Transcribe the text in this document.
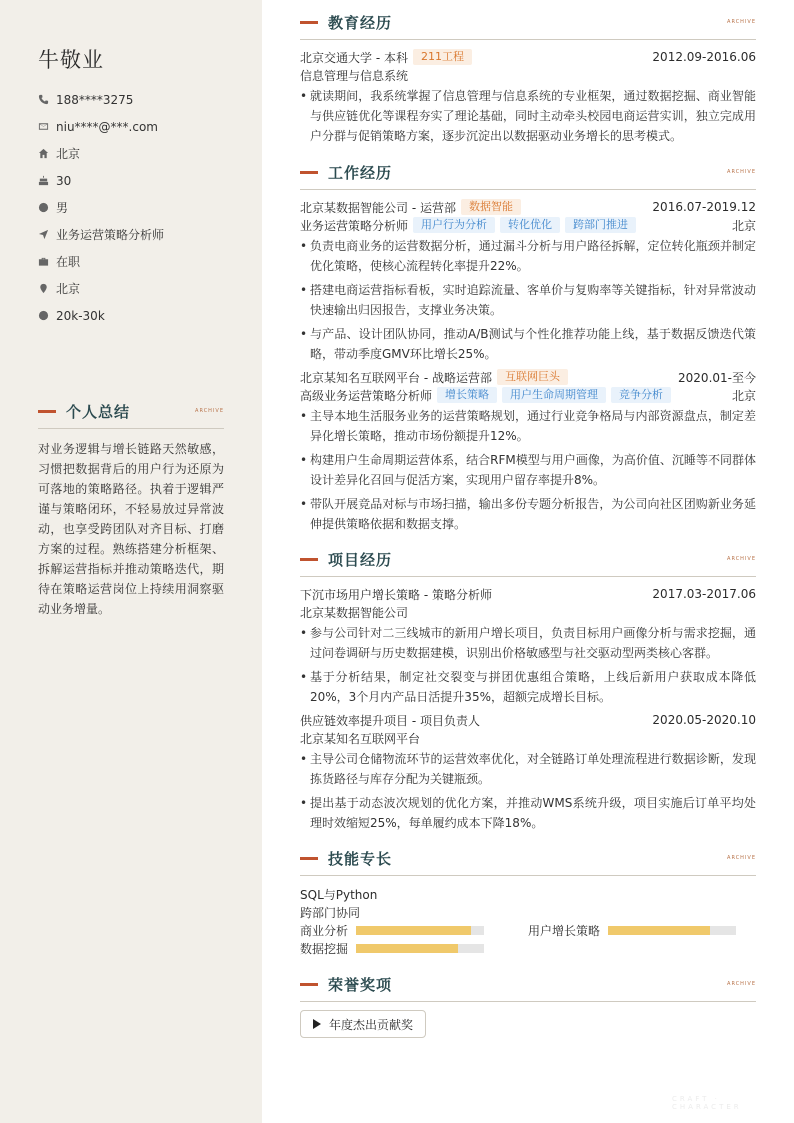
牛敬业
188****3275
niu****@***.com
北京
30
男
业务运营策略分析师
在职
北京
20k-30k
个人总结	ARCHIVE
对业务逻辑与增长链路天然敏感，习惯把数据背后的用户行为还原为可落地的策略路径。执着于逻辑严谨与策略闭环，不轻易放过异常波动，也享受跨团队对齐目标、打磨方案的过程。熟练搭建分析框架、拆解运营指标并推动策略迭代，期待在策略运营岗位上持续用洞察驱动业务增量。
教育经历	ARCHIVE
北京交通大学 - 本科	211工程	2012.09-2016.06
信息管理与信息系统
• 就读期间，我系统掌握了信息管理与信息系统的专业框架，通过数据挖掘、商业智能与供应链优化等课程夯实了理论基础，同时主动牵头校园电商运营实训，独立完成用户分群与促销策略方案，逐步沉淀出以数据驱动业务增长的思考模式。
工作经历	ARCHIVE
北京某数据智能公司 - 运营部	数据智能	2016.07-2019.12
业务运营策略分析师	用户行为分析	转化优化	跨部门推进	北京
• 负责电商业务的运营数据分析，通过漏斗分析与用户路径拆解，定位转化瓶颈并制定优化策略，使核心流程转化率提升22%。
• 搭建电商运营指标看板，实时追踪流量、客单价与复购率等关键指标，针对异常波动快速输出归因报告，支撑业务决策。
• 与产品、设计团队协同，推动A/B测试与个性化推荐功能上线，基于数据反馈迭代策略，带动季度GMV环比增长25%。
北京某知名互联网平台 - 战略运营部	互联网巨头	2020.01-至今
高级业务运营策略分析师	增长策略	用户生命周期管理	竞争分析	北京
• 主导本地生活服务业务的运营策略规划，通过行业竞争格局与内部资源盘点，制定差异化增长策略，推动市场份额提升12%。
• 构建用户生命周期运营体系，结合RFM模型与用户画像，为高价值、沉睡等不同群体设计差异化召回与促活方案，实现用户留存率提升8%。
• 带队开展竞品对标与市场扫描，输出多份专题分析报告，为公司向社区团购新业务延伸提供策略依据和数据支撑。
项目经历	ARCHIVE
下沉市场用户增长策略 - 策略分析师	2017.03-2017.06
北京某数据智能公司
• 参与公司针对二三线城市的新用户增长项目，负责目标用户画像分析与需求挖掘，通过问卷调研与历史数据建模，识别出价格敏感型与社交驱动型两类核心客群。
• 基于分析结果，制定社交裂变与拼团优惠组合策略，上线后新用户获取成本降低20%，3个月内产品日活提升35%，超额完成增长目标。
供应链效率提升项目 - 项目负责人	2020.05-2020.10
北京某知名互联网平台
• 主导公司仓储物流环节的运营效率优化，对全链路订单处理流程进行数据诊断，发现拣货路径与库存分配为关键瓶颈。
• 提出基于动态波次规划的优化方案，并推动WMS系统升级，项目实施后订单平均处理时效缩短25%，每单履约成本下降18%。
技能专长	ARCHIVE
SQL与Python
跨部门协同
商业分析	用户增长策略
数据挖掘
荣誉奖项	ARCHIVE
年度杰出贡献奖
CRAFT · CHARACTER
